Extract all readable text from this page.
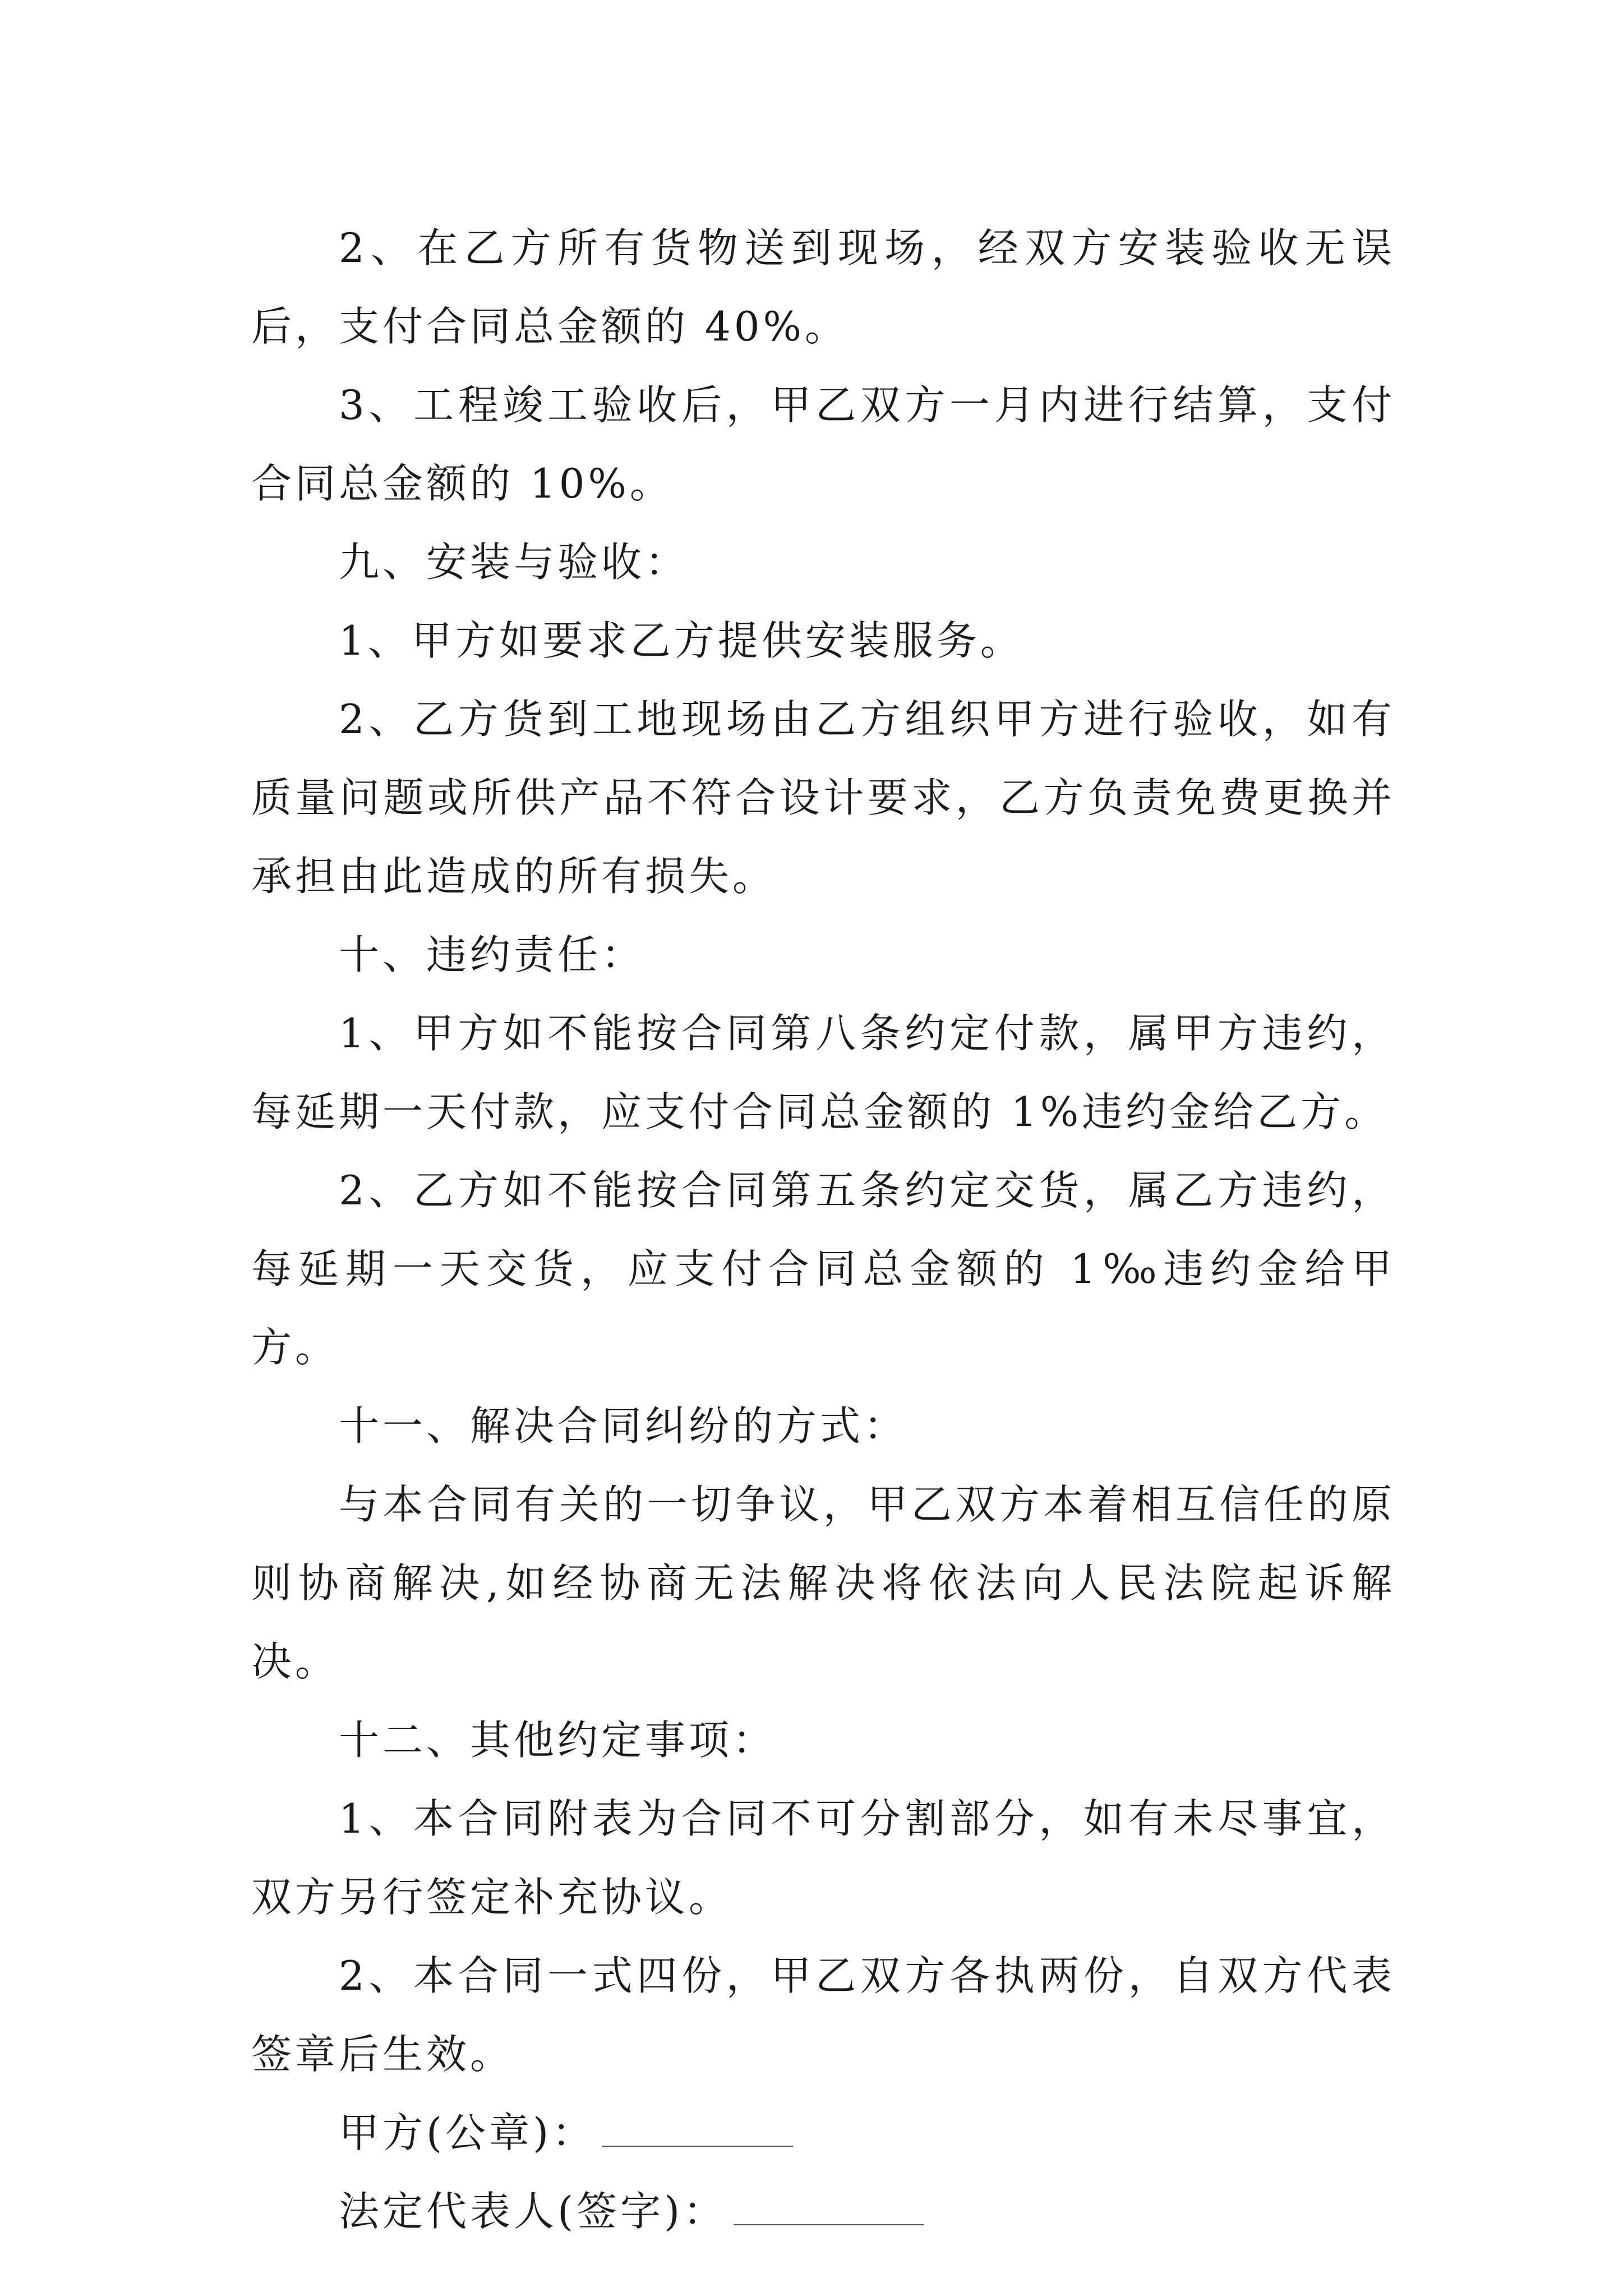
2、在乙方所有货物送到现场，经双方安装验收无误后，支付合同总金额的 40%。

3、工程竣工验收后，甲乙双方一月内进行结算，支付合同总金额的 10%。

九、安装与验收：

1、甲方如要求乙方提供安装服务。

2、乙方货到工地现场由乙方组织甲方进行验收，如有质量问题或所供产品不符合设计要求，乙方负责免费更换并承担由此造成的所有损失。

十、违约责任：

1、甲方如不能按合同第八条约定付款，属甲方违约，每延期一天付款，应支付合同总金额的 1%违约金给乙方。

2、乙方如不能按合同第五条约定交货，属乙方违约，每延期一天交货，应支付合同总金额的 1‰违约金给甲方。

十一、解决合同纠纷的方式：

与本合同有关的一切争议，甲乙双方本着相互信任的原则协商解决,如经协商无法解决将依法向人民法院起诉解决。

十二、其他约定事项：

1、本合同附表为合同不可分割部分，如有未尽事宜，双方另行签定补充协议。

2、本合同一式四份，甲乙双方各执两份，自双方代表签章后生效。

甲方(公章)：

法定代表人(签字)：
